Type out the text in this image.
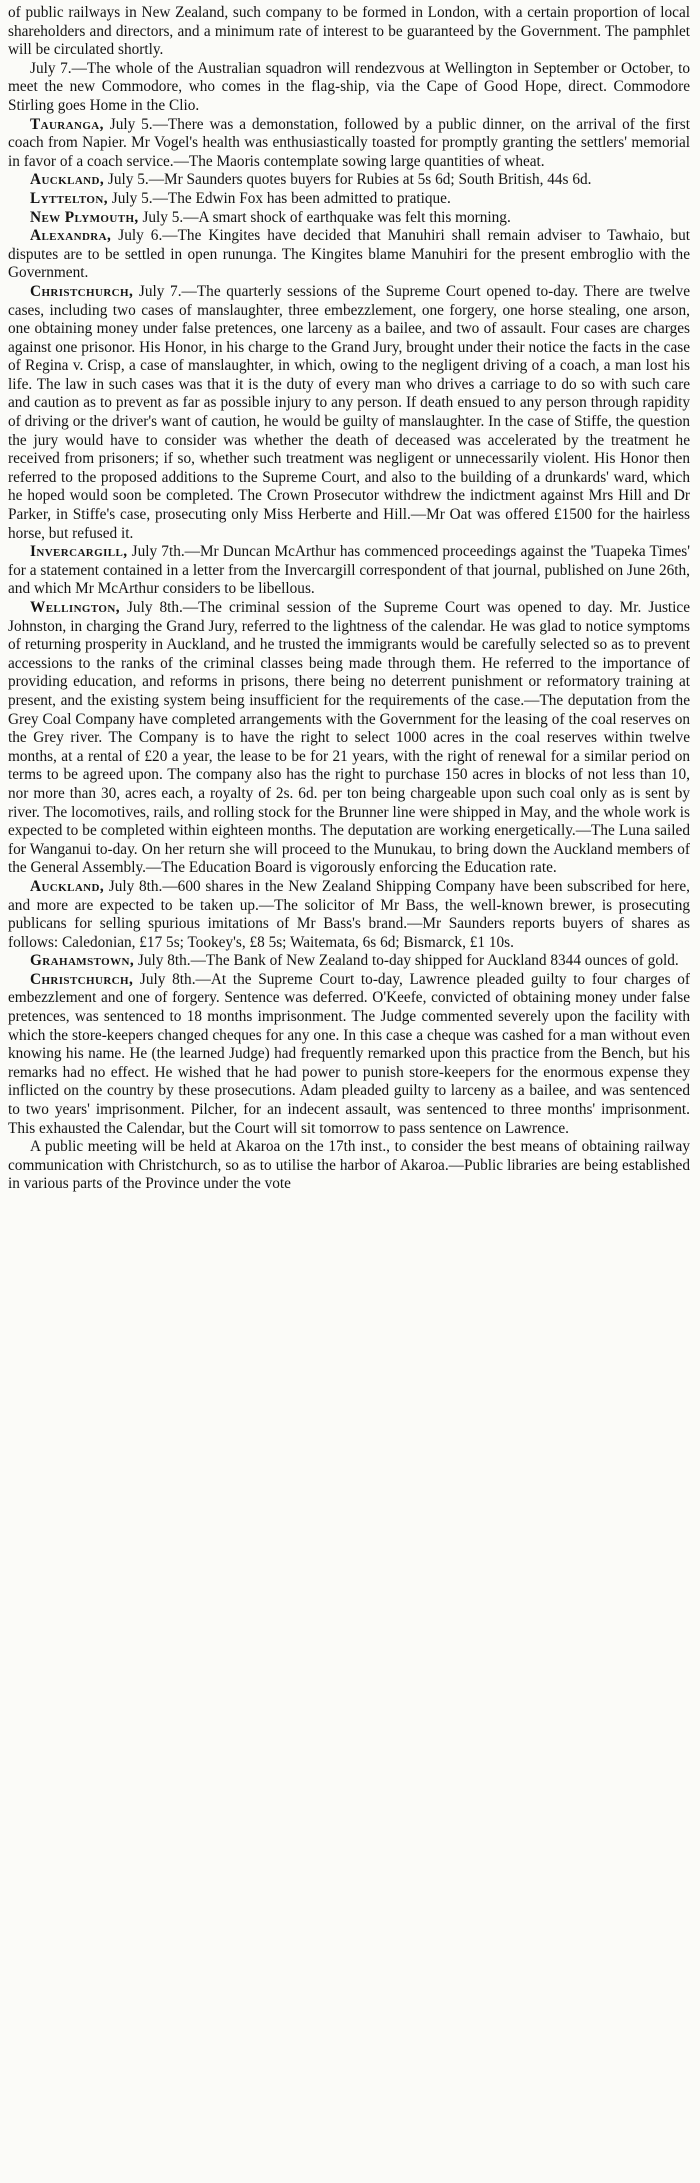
of public railways in New Zealand, such company to be formed in London, with a certain proportion of local shareholders and directors, and a minimum rate of interest to be guaranteed by the Government. The pamphlet will be circulated shortly.

July 7.—The whole of the Australian squadron will rendezvous at Wellington in September or October, to meet the new Commodore, who comes in the flag-ship, via the Cape of Good Hope, direct. Commodore Stirling goes Home in the Clio.

Tauranga, July 5.—There was a demonstation, followed by a public dinner, on the arrival of the first coach from Napier. Mr Vogel's health was enthusiastically toasted for promptly granting the settlers' memorial in favor of a coach service.—The Maoris contemplate sowing large quantities of wheat.

Auckland, July 5.—Mr Saunders quotes buyers for Rubies at 5s 6d; South British, 44s 6d.

Lyttelton, July 5.—The Edwin Fox has been admitted to pratique.

New Plymouth, July 5.—A smart shock of earthquake was felt this morning.

Alexandra, July 6.—The Kingites have decided that Manuhiri shall remain adviser to Tawhaio, but disputes are to be settled in open rununga. The Kingites blame Manuhiri for the present embroglio with the Government.

Christchurch, July 7.—The quarterly sessions of the Supreme Court opened to-day. There are twelve cases, including two cases of manslaughter, three embezzlement, one forgery, one horse stealing, one arson, one obtaining money under false pretences, one larceny as a bailee, and two of assault. Four cases are charges against one prisonor. His Honor, in his charge to the Grand Jury, brought under their notice the facts in the case of Regina v. Crisp, a case of manslaughter, in which, owing to the negligent driving of a coach, a man lost his life. The law in such cases was that it is the duty of every man who drives a carriage to do so with such care and caution as to prevent as far as possible injury to any person. If death ensued to any person through rapidity of driving or the driver's want of caution, he would be guilty of manslaughter. In the case of Stiffe, the question the jury would have to consider was whether the death of deceased was accelerated by the treatment he received from prisoners; if so, whether such treatment was negligent or unnecessarily violent. His Honor then referred to the proposed additions to the Supreme Court, and also to the building of a drunkards' ward, which he hoped would soon be completed. The Crown Prosecutor withdrew the indictment against Mrs Hill and Dr Parker, in Stiffe's case, prosecuting only Miss Herberte and Hill.—Mr Oat was offered £1500 for the hairless horse, but refused it.

Invercargill, July 7th.—Mr Duncan McArthur has commenced proceedings against the 'Tuapeka Times' for a statement contained in a letter from the Invercargill correspondent of that journal, published on June 26th, and which Mr McArthur considers to be libellous.

Wellington, July 8th.—The criminal session of the Supreme Court was opened to day. Mr. Justice Johnston, in charging the Grand Jury, referred to the lightness of the calendar. He was glad to notice symptoms of returning prosperity in Auckland, and he trusted the immigrants would be carefully selected so as to prevent accessions to the ranks of the criminal classes being made through them. He referred to the importance of providing education, and reforms in prisons, there being no deterrent punishment or reformatory training at present, and the existing system being insufficient for the requirements of the case.—The deputation from the Grey Coal Company have completed arrangements with the Government for the leasing of the coal reserves on the Grey river. The Company is to have the right to select 1000 acres in the coal reserves within twelve months, at a rental of £20 a year, the lease to be for 21 years, with the right of renewal for a similar period on terms to be agreed upon. The company also has the right to purchase 150 acres in blocks of not less than 10, nor more than 30, acres each, a royalty of 2s. 6d. per ton being chargeable upon such coal only as is sent by river. The locomotives, rails, and rolling stock for the Brunner line were shipped in May, and the whole work is expected to be completed within eighteen months. The deputation are working energetically.—The Luna sailed for Wanganui to-day. On her return she will proceed to the Munukau, to bring down the Auckland members of the General Assembly.—The Education Board is vigorously enforcing the Education rate.

Auckland, July 8th.—600 shares in the New Zealand Shipping Company have been subscribed for here, and more are expected to be taken up.—The solicitor of Mr Bass, the well-known brewer, is prosecuting publicans for selling spurious imitations of Mr Bass's brand.—Mr Saunders reports buyers of shares as follows: Caledonian, £17 5s; Tookey's, £8 5s; Waitemata, 6s 6d; Bismarck, £1 10s.

Grahamstown, July 8th.—The Bank of New Zealand to-day shipped for Auckland 8344 ounces of gold.

Christchurch, July 8th.—At the Supreme Court to-day, Lawrence pleaded guilty to four charges of embezzlement and one of forgery. Sentence was deferred. O'Keefe, convicted of obtaining money under false pretences, was sentenced to 18 months imprisonment. The Judge commented severely upon the facility with which the store-keepers changed cheques for any one. In this case a cheque was cashed for a man without even knowing his name. He (the learned Judge) had frequently remarked upon this practice from the Bench, but his remarks had no effect. He wished that he had power to punish store-keepers for the enormous expense they inflicted on the country by these prosecutions. Adam pleaded guilty to larceny as a bailee, and was sentenced to two years' imprisonment. Pilcher, for an indecent assault, was sentenced to three months' imprisonment. This exhausted the Calendar, but the Court will sit tomorrow to pass sentence on Lawrence.

A public meeting will be held at Akaroa on the 17th inst., to consider the best means of obtaining railway communication with Christchurch, so as to utilise the harbor of Akaroa.—Public libraries are being established in various parts of the Province under the vote
